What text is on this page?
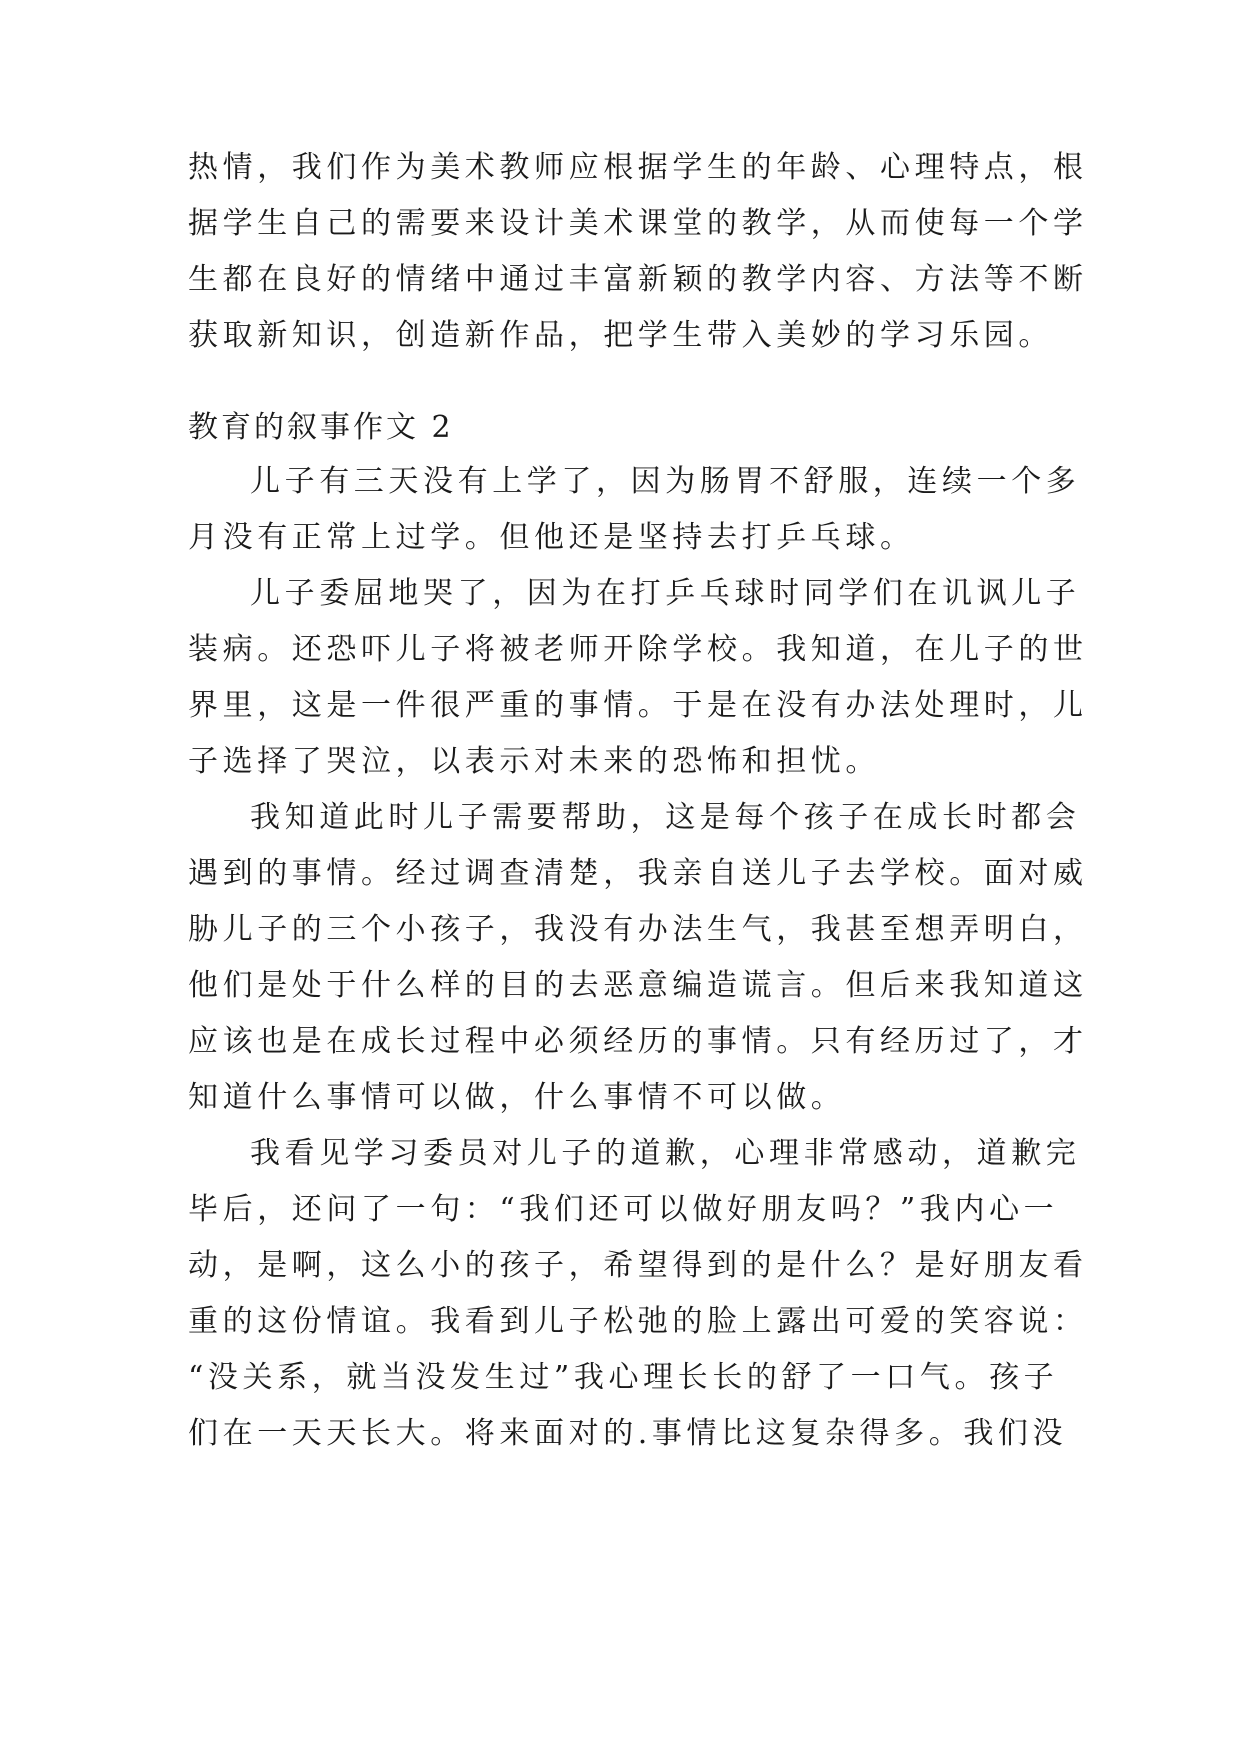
热情，我们作为美术教师应根据学生的年龄、心理特点，根
据学生自己的需要来设计美术课堂的教学，从而使每一个学
生都在良好的情绪中通过丰富新颖的教学内容、方法等不断
获取新知识，创造新作品，把学生带入美妙的学习乐园。
教育的叙事作文 2
儿子有三天没有上学了，因为肠胃不舒服，连续一个多
月没有正常上过学。但他还是坚持去打乒乓球。
儿子委屈地哭了，因为在打乒乓球时同学们在讥讽儿子
装病。还恐吓儿子将被老师开除学校。我知道，在儿子的世
界里，这是一件很严重的事情。于是在没有办法处理时，儿
子选择了哭泣，以表示对未来的恐怖和担忧。
我知道此时儿子需要帮助，这是每个孩子在成长时都会
遇到的事情。经过调查清楚，我亲自送儿子去学校。面对威
胁儿子的三个小孩子，我没有办法生气，我甚至想弄明白，
他们是处于什么样的目的去恶意编造谎言。但后来我知道这
应该也是在成长过程中必须经历的事情。只有经历过了，才
知道什么事情可以做，什么事情不可以做。
我看见学习委员对儿子的道歉，心理非常感动，道歉完
毕后，还问了一句：“我们还可以做好朋友吗？”我内心一
动，是啊，这么小的孩子，希望得到的是什么？是好朋友看
重的这份情谊。我看到儿子松弛的脸上露出可爱的笑容说：
“没关系，就当没发生过”我心理长长的舒了一口气。孩子
们在一天天长大。将来面对的.事情比这复杂得多。我们没
